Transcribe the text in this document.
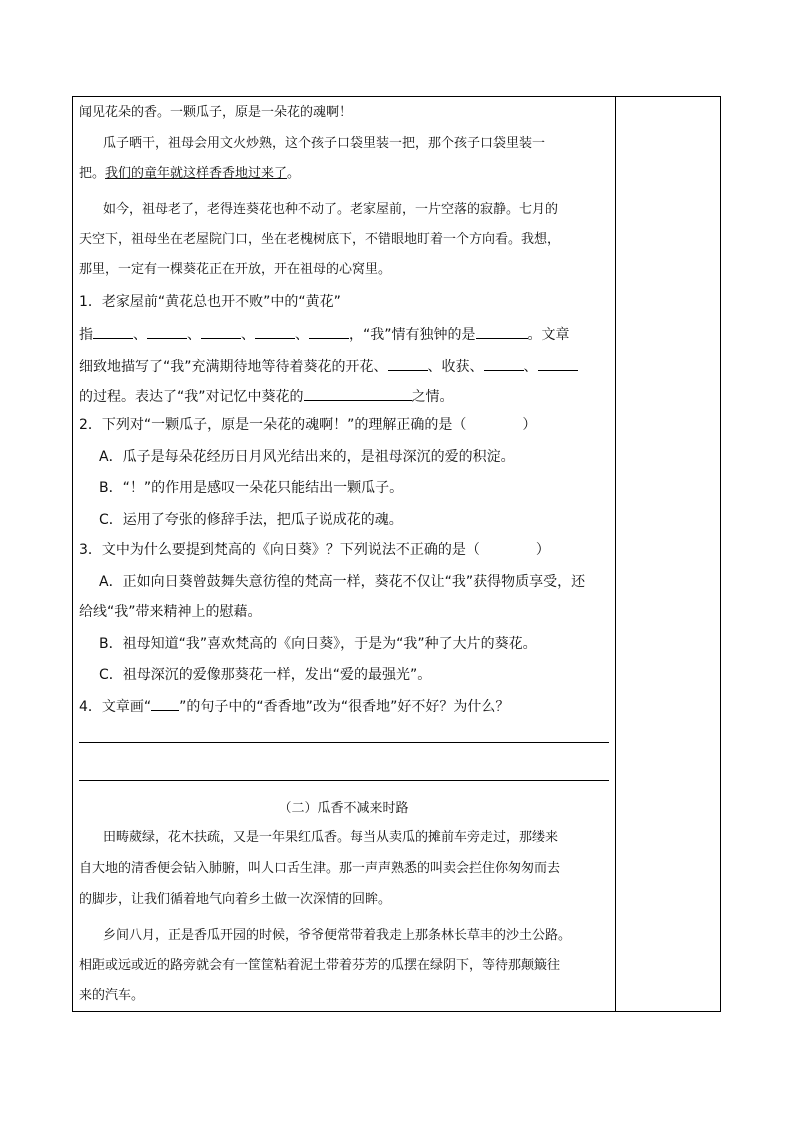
闻见花朵的香。一颗瓜子，原是一朵花的魂啊！
瓜子晒干，祖母会用文火炒熟，这个孩子口袋里装一把，那个孩子口袋里装一
把。我们的童年就这样香香地过来了。
如今，祖母老了，老得连葵花也种不动了。老家屋前，一片空落的寂静。七月的
天空下，祖母坐在老屋院门口，坐在老槐树底下，不错眼地盯着一个方向看。我想，
那里，一定有一棵葵花正在开放，开在祖母的心窝里。
1．老家屋前“黄花总也开不败”中的“黄花”
指	、	、	、	、	，“我”情有独钟的是	。文章
细致地描写了“我”充满期待地等待着葵花的开花、	、收获、	、
的过程。表达了“我”对记忆中葵花的	之情。
2．下列对“一颗瓜子，原是一朵花的魂啊！”的理解正确的是（　　　　）
A．瓜子是每朵花经历日月风光结出来的，是祖母深沉的爱的积淀。
B．“！”的作用是感叹一朵花只能结出一颗瓜子。
C．运用了夸张的修辞手法，把瓜子说成花的魂。
3．文中为什么要提到梵高的《向日葵》？下列说法不正确的是（　　　　）
A．正如向日葵曾鼓舞失意彷徨的梵高一样，葵花不仅让“我”获得物质享受，还
给线“我”带来精神上的慰藉。
B．祖母知道“我”喜欢梵高的《向日葵》，于是为“我”种了大片的葵花。
C．祖母深沉的爱像那葵花一样，发出“爱的最强光”。
4．文章画“ ”的句子中的“香香地”改为“很香地”好不好？为什么？
（二）瓜香不减来时路
田畴葳绿，花木扶疏，又是一年果红瓜香。每当从卖瓜的摊前车旁走过，那缕来
自大地的清香便会钻入肺腑，叫人口舌生津。那一声声熟悉的叫卖会拦住你匆匆而去
的脚步，让我们循着地气向着乡土做一次深情的回眸。
乡间八月，正是香瓜开园的时候，爷爷便常带着我走上那条林长草丰的沙土公路。
相距或远或近的路旁就会有一筐筐粘着泥土带着芬芳的瓜摆在绿阴下，等待那颠簸往
来的汽车。
